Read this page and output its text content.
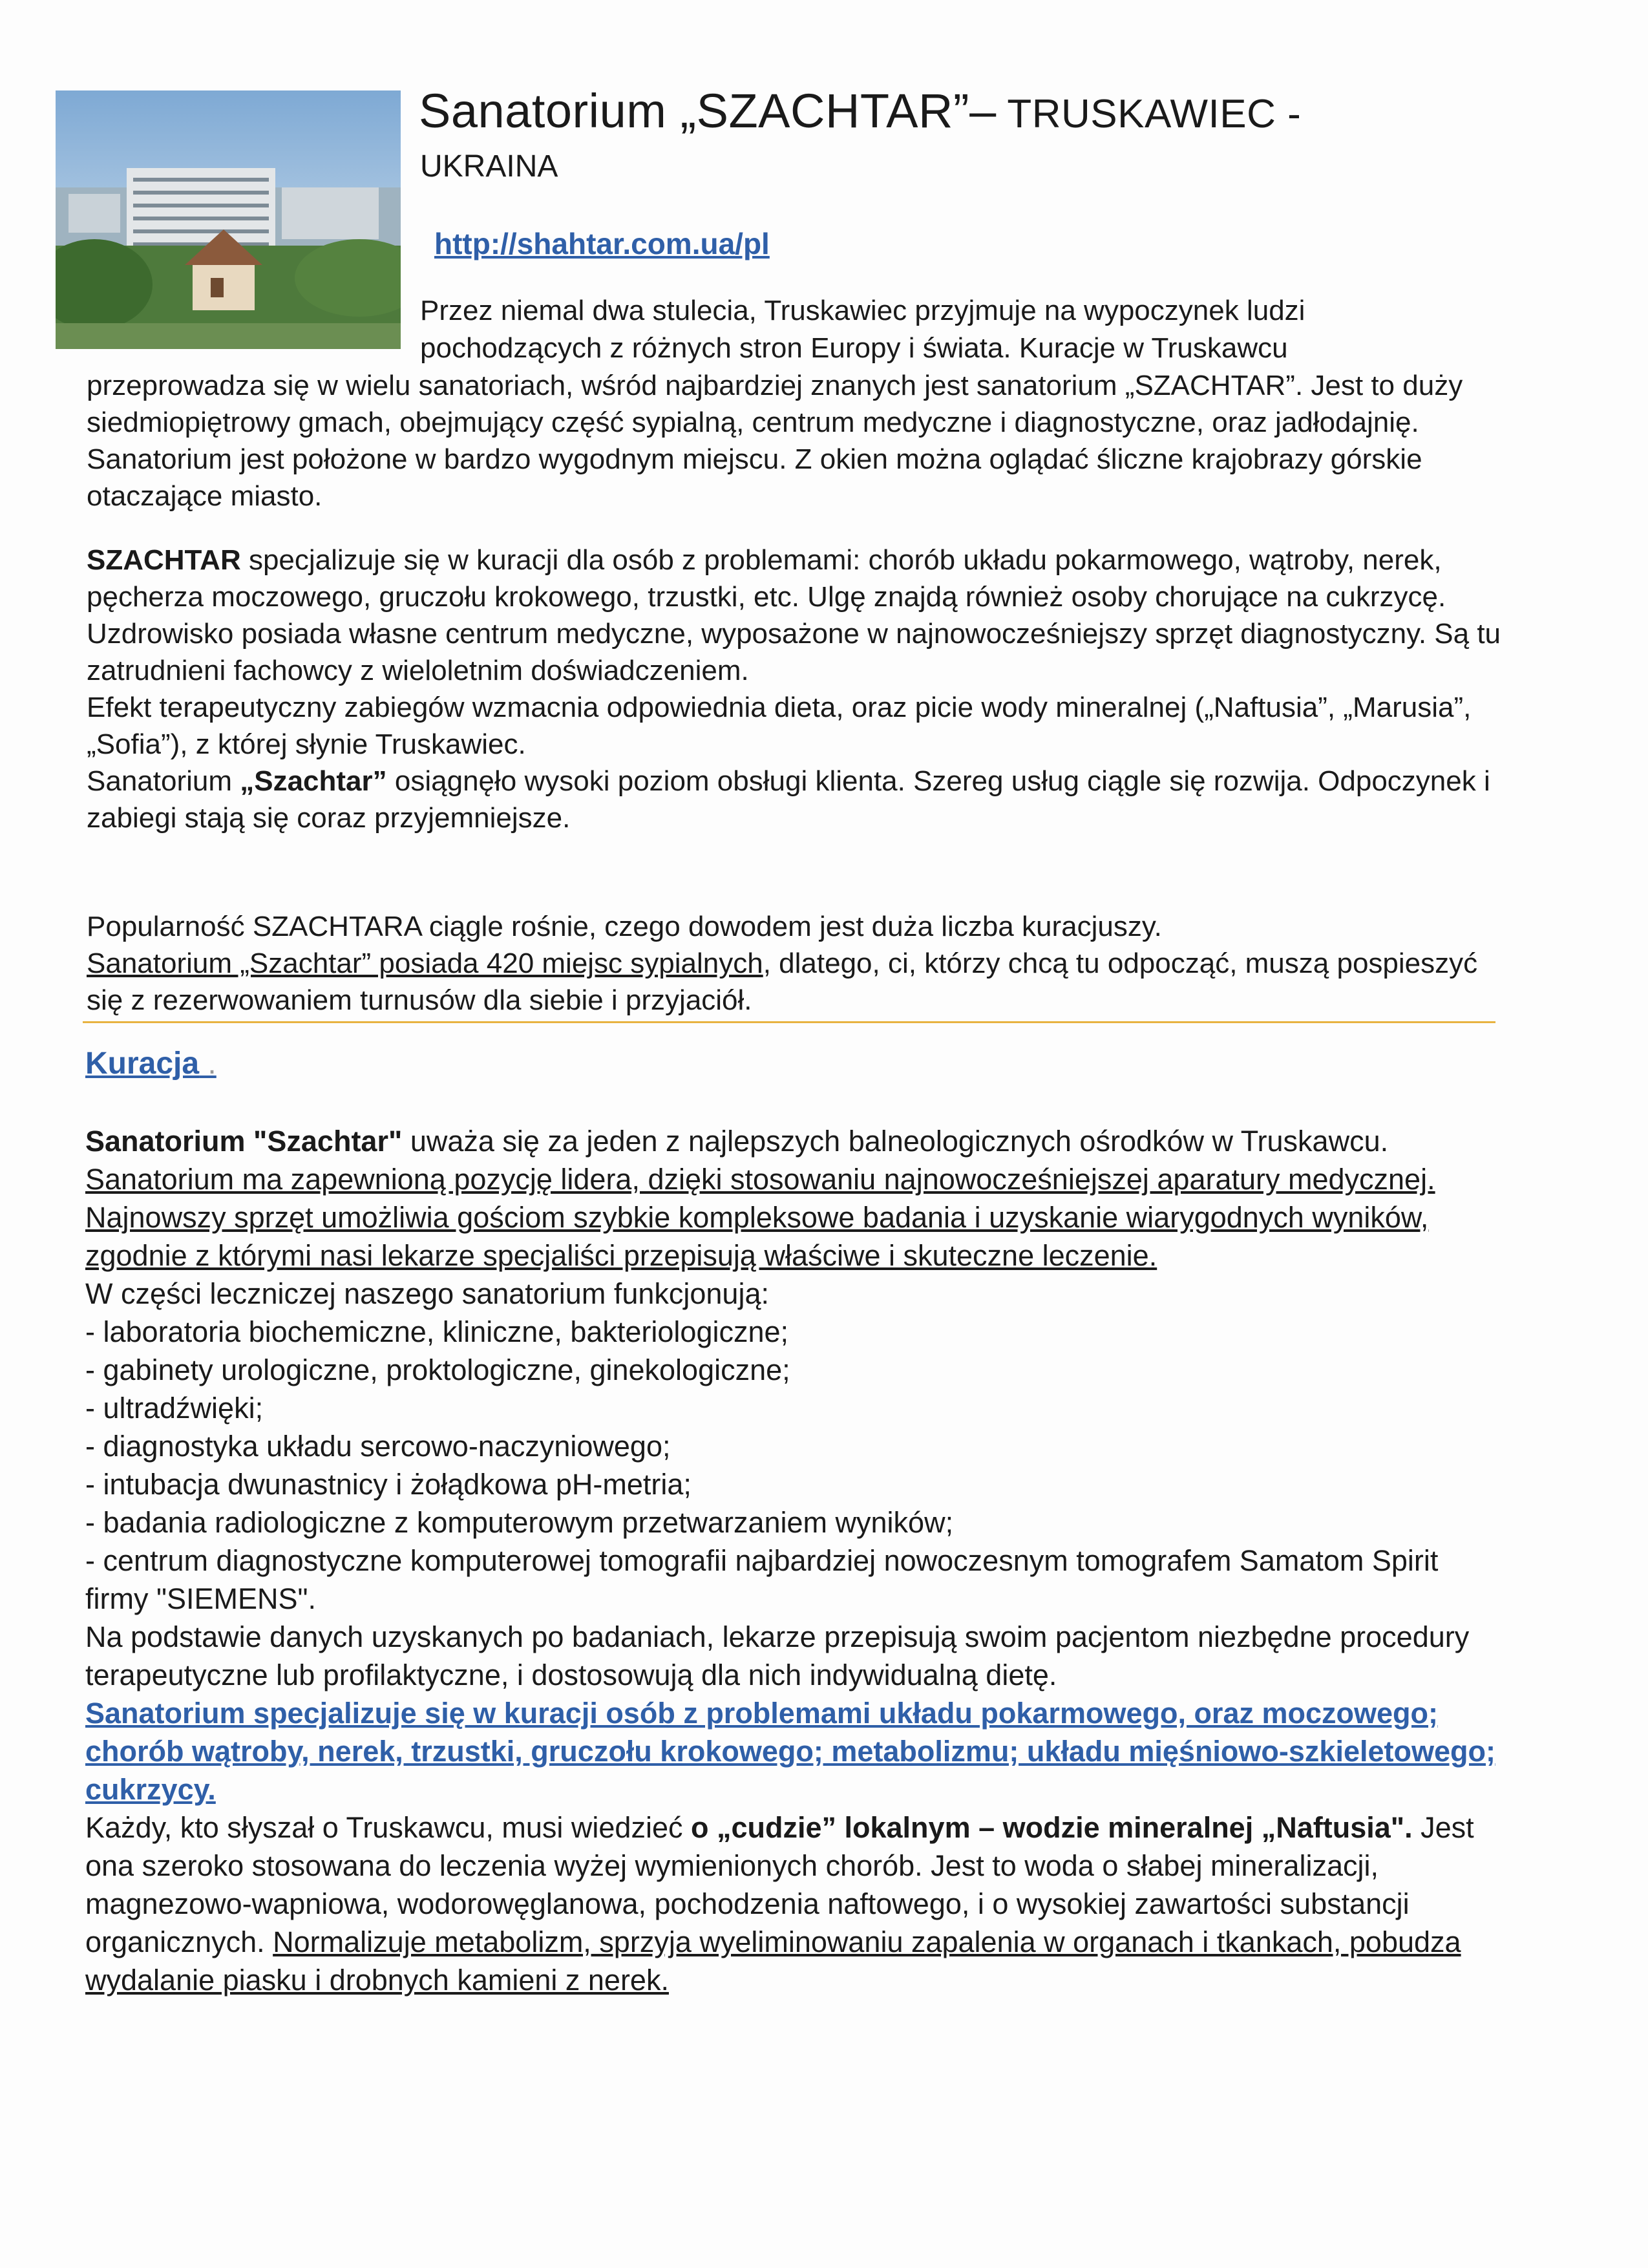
Sanatorium „SZACHTAR”– TRUSKAWIEC -
UKRAINA
http://shahtar.com.ua/pl

Przez niemal dwa stulecia, Truskawiec przyjmuje na wypoczynek ludzi

pochodzących z różnych stron Europy i świata. Kuracje w Truskawcu

przeprowadza się w wielu sanatoriach, wśród najbardziej znanych jest sanatorium „SZACHTAR”. Jest to duży siedmiopiętrowy gmach, obejmujący część sypialną, centrum medyczne i diagnostyczne, oraz jadłodajnię. Sanatorium jest położone w bardzo wygodnym miejscu. Z okien można oglądać śliczne krajobrazy górskie otaczające miasto.

SZACHTAR specjalizuje się w kuracji dla osób z problemami: chorób układu pokarmowego, wątroby, nerek, pęcherza moczowego, gruczołu krokowego, trzustki, etc. Ulgę znajdą również osoby chorujące na cukrzycę. Uzdrowisko posiada własne centrum medyczne, wyposażone w najnowocześniejszy sprzęt diagnostyczny. Są tu zatrudnieni fachowcy z wieloletnim doświadczeniem.
Efekt terapeutyczny zabiegów wzmacnia odpowiednia dieta, oraz picie wody mineralnej („Naftusia”, „Marusia”, „Sofia”), z której słynie Truskawiec.
Sanatorium „Szachtar” osiągnęło wysoki poziom obsługi klienta. Szereg usług ciągle się rozwija. Odpoczynek i zabiegi stają się coraz przyjemniejsze.
Popularność SZACHTARA ciągle rośnie, czego dowodem jest duża liczba kuracjuszy.
Sanatorium „Szachtar” posiada 420 miejsc sypialnych, dlatego, ci, którzy chcą tu odpocząć, muszą pospieszyć się z rezerwowaniem turnusów dla siebie i przyjaciół.
Kuracja .
Sanatorium "Szachtar" uważa się za jeden z najlepszych balneologicznych ośrodków w Truskawcu. Sanatorium ma zapewnioną pozycję lidera, dzięki stosowaniu najnowocześniejszej aparatury medycznej. Najnowszy sprzęt umożliwia gościom szybkie kompleksowe badania i uzyskanie wiarygodnych wyników, zgodnie z którymi nasi lekarze specjaliści przepisują właściwe i skuteczne leczenie.
W części leczniczej naszego sanatorium funkcjonują:
- laboratoria biochemiczne, kliniczne, bakteriologiczne;
- gabinety urologiczne, proktologiczne, ginekologiczne;
- ultradźwięki;
- diagnostyka układu sercowo-naczyniowego;
- intubacja dwunastnicy i żołądkowa pH-metria;
- badania radiologiczne z komputerowym przetwarzaniem wyników;
- centrum diagnostyczne komputerowej tomografii najbardziej nowoczesnym tomografem Samatom Spirit firmy "SIEMENS".
Na podstawie danych uzyskanych po badaniach, lekarze przepisują swoim pacjentom niezbędne procedury terapeutyczne lub profilaktyczne, i dostosowują dla nich indywidualną dietę.
Sanatorium specjalizuje się w kuracji osób z problemami układu pokarmowego, oraz moczowego; chorób wątroby, nerek, trzustki, gruczołu krokowego; metabolizmu; układu mięśniowo-szkieletowego; cukrzycy.
Każdy, kto słyszał o Truskawcu, musi wiedzieć o „cudzie” lokalnym – wodzie mineralnej „Naftusia". Jest ona szeroko stosowana do leczenia wyżej wymienionych chorób. Jest to woda o słabej mineralizacji, magnezowo-wapniowa, wodorowęglanowa, pochodzenia naftowego, i o wysokiej zawartości substancji organicznych. Normalizuje metabolizm, sprzyja wyeliminowaniu zapalenia w organach i tkankach, pobudza wydalanie piasku i drobnych kamieni z nerek.
